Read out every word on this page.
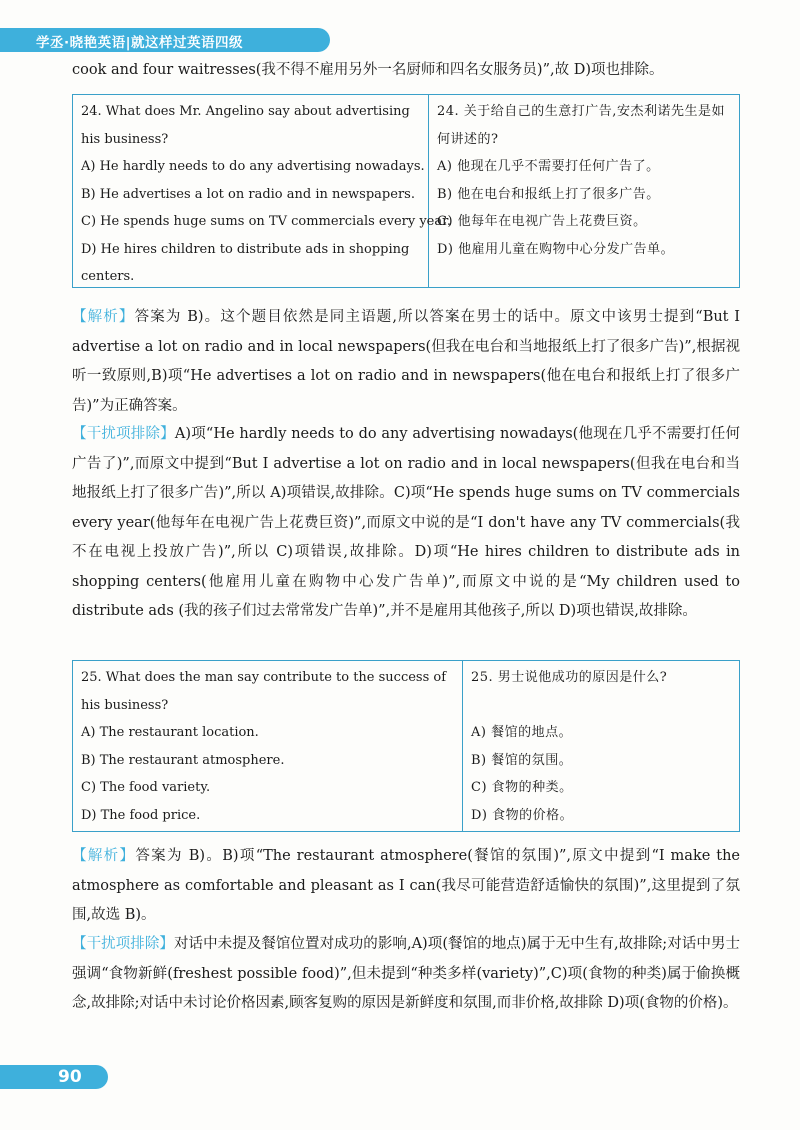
学丞·晓艳英语|就这样过英语四级
cook and four waitresses(我不得不雇用另外一名厨师和四名女服务员)”,故 D)项也排除。
24. What does Mr. Angelino say about advertising his business?
A) He hardly needs to do any advertising nowadays.
B) He advertises a lot on radio and in newspapers.
C) He spends huge sums on TV commercials every year.
D) He hires children to distribute ads in shopping centers.
24. 关于给自己的生意打广告,安杰利诺先生是如何讲述的?
A) 他现在几乎不需要打任何广告了。
B) 他在电台和报纸上打了很多广告。
C) 他每年在电视广告上花费巨资。
D) 他雇用儿童在购物中心分发广告单。
【解析】答案为 B)。这个题目依然是同主语题,所以答案在男士的话中。原文中该男士提到“But I advertise a lot on radio and in local newspapers(但我在电台和当地报纸上打了很多广告)”,根据视听一致原则,B)项“He advertises a lot on radio and in newspapers(他在电台和报纸上打了很多广告)”为正确答案。
【干扰项排除】A)项“He hardly needs to do any advertising nowadays(他现在几乎不需要打任何广告了)”,而原文中提到“But I advertise a lot on radio and in local newspapers(但我在电台和当地报纸上打了很多广告)”,所以 A)项错误,故排除。C)项“He spends huge sums on TV commercials every year(他每年在电视广告上花费巨资)”,而原文中说的是“I don't have any TV commercials(我不在电视上投放广告)”,所以 C)项错误,故排除。D)项“He hires children to distribute ads in shopping centers(他雇用儿童在购物中心发广告单)”,而原文中说的是“My children used to distribute ads (我的孩子们过去常常发广告单)”,并不是雇用其他孩子,所以 D)项也错误,故排除。
25. What does the man say contribute to the success of his business?
A) The restaurant location.
B) The restaurant atmosphere.
C) The food variety.
D) The food price.
25. 男士说他成功的原因是什么?
A) 餐馆的地点。
B) 餐馆的氛围。
C) 食物的种类。
D) 食物的价格。
【解析】答案为 B)。B)项“The restaurant atmosphere(餐馆的氛围)”,原文中提到“I make the atmosphere as comfortable and pleasant as I can(我尽可能营造舒适愉快的氛围)”,这里提到了氛围,故选 B)。
【干扰项排除】对话中未提及餐馆位置对成功的影响,A)项(餐馆的地点)属于无中生有,故排除;对话中男士强调“食物新鲜(freshest possible food)”,但未提到“种类多样(variety)”,C)项(食物的种类)属于偷换概念,故排除;对话中未讨论价格因素,顾客复购的原因是新鲜度和氛围,而非价格,故排除 D)项(食物的价格)。
90
